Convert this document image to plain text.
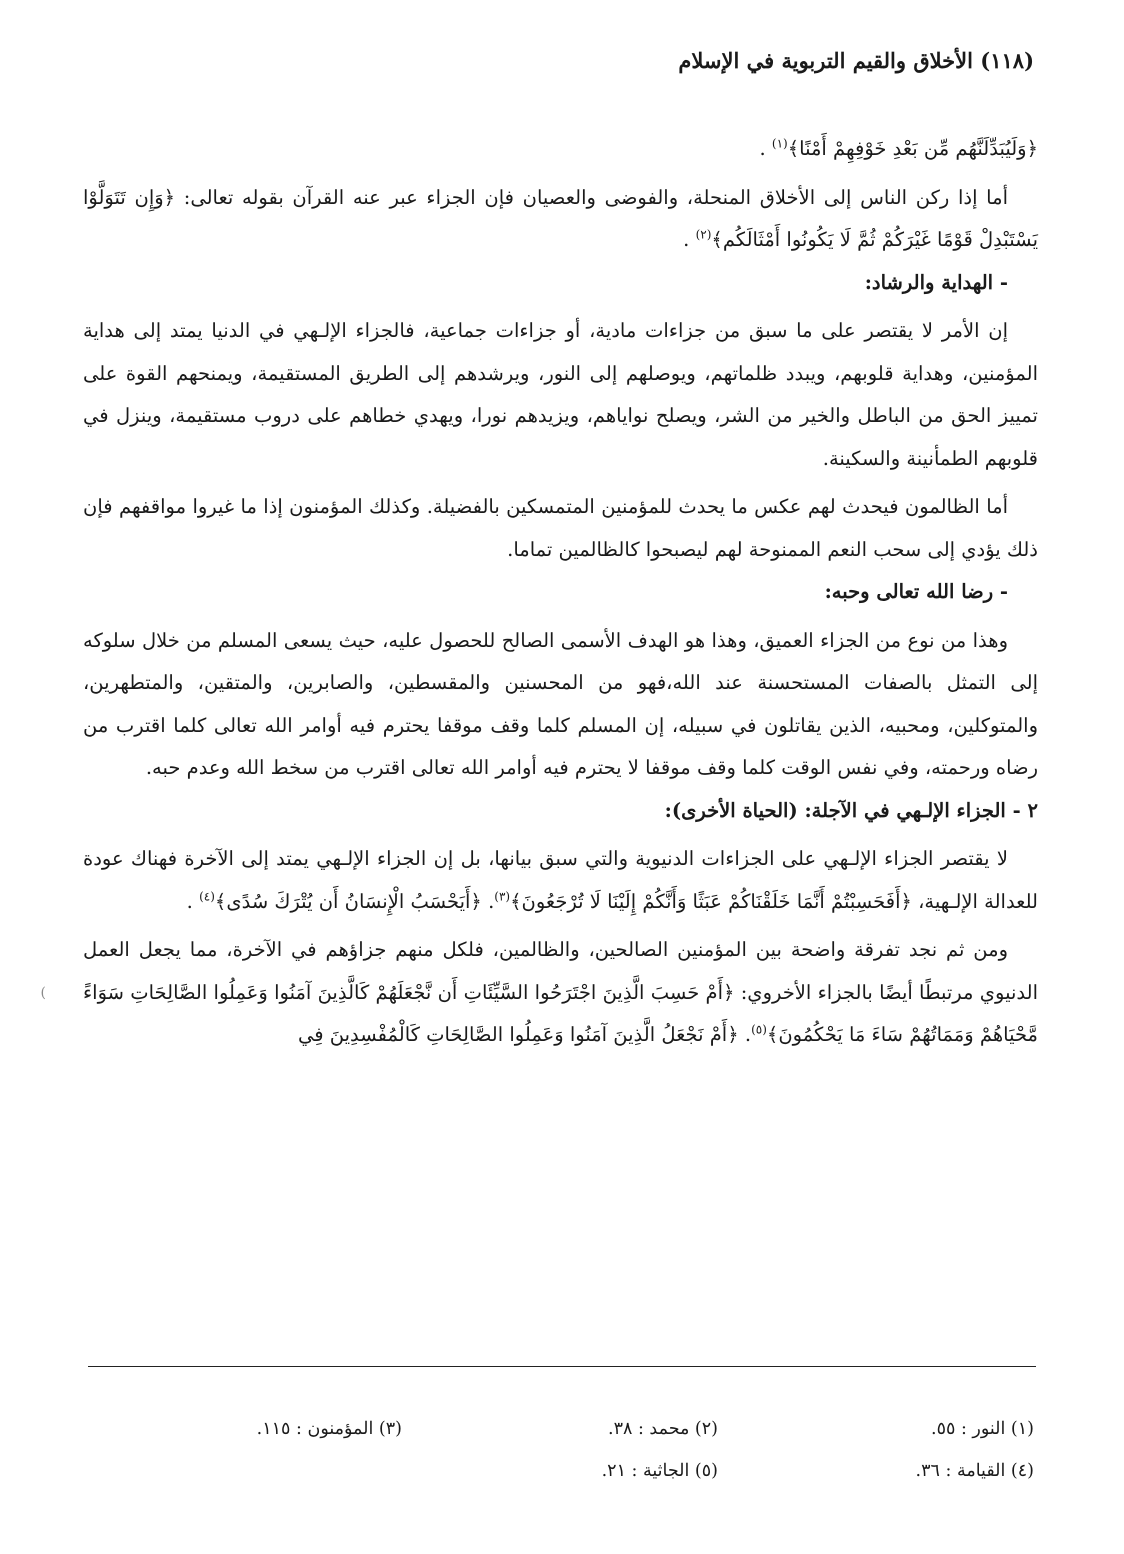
(١١٨) الأخلاق والقيم التربوية في الإسلام

﴿وَلَيُبَدِّلَنَّهُم مِّن بَعْدِ خَوْفِهِمْ أَمْنًا﴾$^{(١)}$ .

أما إذا ركن الناس إلى الأخلاق المنحلة، والفوضى والعصيان فإن الجزاء عبر عنه القرآن بقوله تعالى: ﴿وَإِن تَتَوَلَّوْا يَسْتَبْدِلْ قَوْمًا غَيْرَكُمْ ثُمَّ لَا يَكُونُوا أَمْثَالَكُم﴾$^{(٢)}$ .

- الهداية والرشاد:

إن الأمر لا يقتصر على ما سبق من جزاءات مادية، أو جزاءات جماعية، فالجزاء الإلـهي في الدنيا يمتد إلى هداية المؤمنين، وهداية قلوبهم، ويبدد ظلماتهم، ويوصلهم إلى النور، ويرشدهم إلى الطريق المستقيمة، ويمنحهم القوة على تمييز الحق من الباطل والخير من الشر، ويصلح نواياهم، ويزيدهم نورا، ويهدي خطاهم على دروب مستقيمة، وينزل في قلوبهم الطمأنينة والسكينة.

أما الظالمون فيحدث لهم عكس ما يحدث للمؤمنين المتمسكين بالفضيلة. وكذلك المؤمنون إذا ما غيروا مواقفهم فإن ذلك يؤدي إلى سحب النعم الممنوحة لهم ليصبحوا كالظالمين تماما.

- رضا الله تعالى وحبه:

وهذا من نوع من الجزاء العميق، وهذا هو الهدف الأسمى الصالح للحصول عليه، حيث يسعى المسلم من خلال سلوكه إلى التمثل بالصفات المستحسنة عند الله،فهو من المحسنين والمقسطين، والصابرين، والمتقين، والمتطهرين، والمتوكلين، ومحبيه، الذين يقاتلون في سبيله، إن المسلم كلما وقف موقفا يحترم فيه أوامر الله تعالى كلما اقترب من رضاه ورحمته، وفي نفس الوقت كلما وقف موقفا لا يحترم فيه أوامر الله تعالى اقترب من سخط الله وعدم حبه.

٢ - الجزاء الإلـهي في الآجلة: (الحياة الأخرى):

لا يقتصر الجزاء الإلـهي على الجزاءات الدنيوية والتي سبق بيانها، بل إن الجزاء الإلـهي يمتد إلى الآخرة فهناك عودة للعدالة الإلـهية، ﴿أَفَحَسِبْتُمْ أَنَّمَا خَلَقْنَاكُمْ عَبَثًا وَأَنَّكُمْ إِلَيْنَا لَا تُرْجَعُونَ﴾$^{(٣)}$. ﴿أَيَحْسَبُ الْإِنسَانُ أَن يُتْرَكَ سُدًى﴾$^{(٤)}$ .

ومن ثم نجد تفرقة واضحة بين المؤمنين الصالحين، والظالمين، فلكل منهم جزاؤهم في الآخرة، مما يجعل العمل الدنيوي مرتبطًا أيضًا بالجزاء الأخروي: ﴿أَمْ حَسِبَ الَّذِينَ اجْتَرَحُوا السَّيِّئَاتِ أَن نَّجْعَلَهُمْ كَالَّذِينَ آمَنُوا وَعَمِلُوا الصَّالِحَاتِ سَوَاءً مَّحْيَاهُمْ وَمَمَاتُهُمْ سَاءَ مَا يَحْكُمُونَ﴾$^{(٥)}$. ﴿أَمْ نَجْعَلُ الَّذِينَ آمَنُوا وَعَمِلُوا الصَّالِحَاتِ كَالْمُفْسِدِينَ فِي

(١) النور : ٥٥.
(٢) محمد : ٣٨.
(٣) المؤمنون : ١١٥.
(٤) القيامة : ٣٦.
(٥) الجاثية : ٢١.
)
